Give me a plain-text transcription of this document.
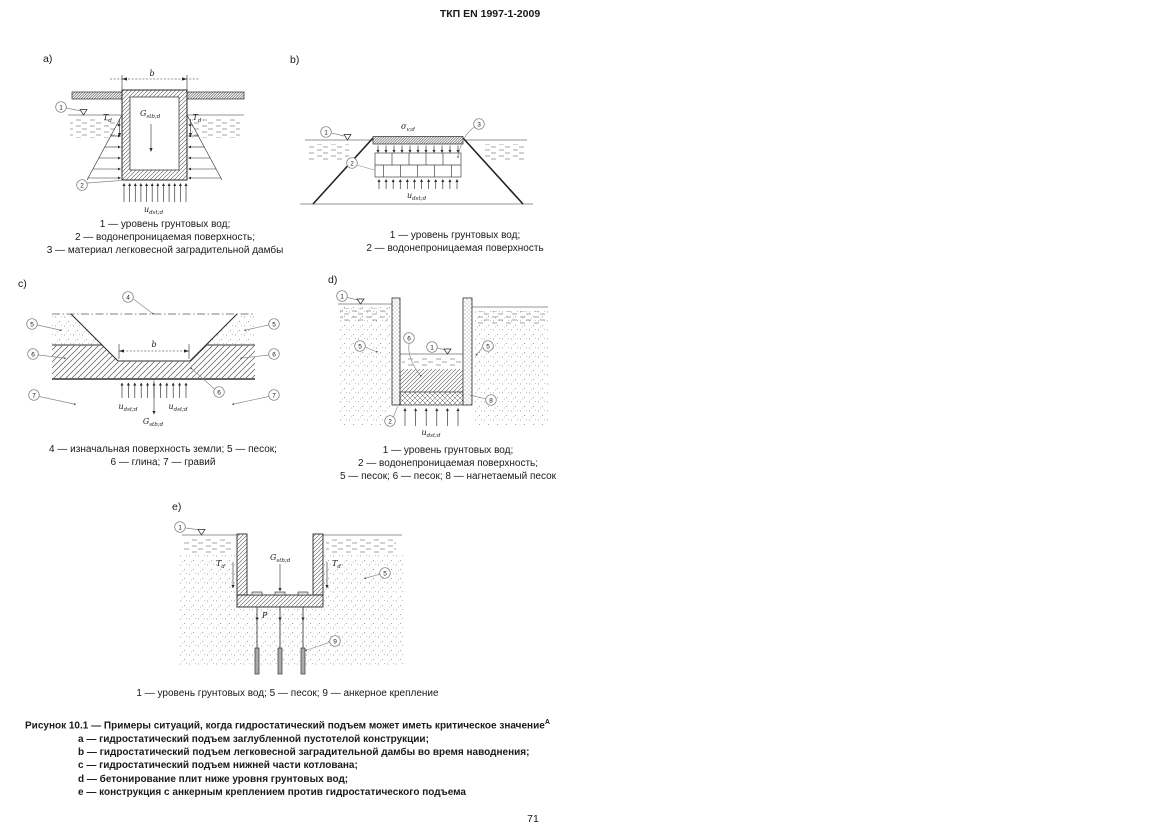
ТКП EN 1997-1-2009
a)
b
$G_{stb;d}$
1
$T_d$	$T_d$
2
$u_{dst;d}$
1 — уровень грунтовых вод;
2 — водонепроницаемая поверхность;
3 — материал легковесной заградительной дамбы
b)
$\sigma_{v;d}$
$u_{dst;d}$
1
2
3
1 — уровень грунтовых вод;
2 — водонепроницаемая поверхность
c)
b
$u_{dst;d}$	$u_{dst;d}$
$G_{stb;d}$
4
5	5
6	6
6
7	7
4 — изначальная поверхность земли; 5 — песок;
6 — глина; 7 — гравий
d)
1
1
6
5	5
8
2
$u_{dst;d}$
1 — уровень грунтовых вод;
2 — водонепроницаемая поверхность;
5 — песок; 6 — песок; 8 — нагнетаемый песок
e)
1
$G_{stb;d}$
$T_d$	$T_d$
P
5
9
1 — уровень грунтовых вод; 5 — песок; 9 — анкерное крепление
Рисунок 10.1 — Примеры ситуаций, когда гидростатический подъем может иметь критическое значение$^А$
a — гидростатический подъем заглубленной пустотелой конструкции;
b — гидростатический подъем легковесной заградительной дамбы во время наводнения;
c — гидростатический подъем нижней части котлована;
d — бетонирование плит ниже уровня грунтовых вод;
e — конструкция с анкерным креплением против гидростатического подъема
71
